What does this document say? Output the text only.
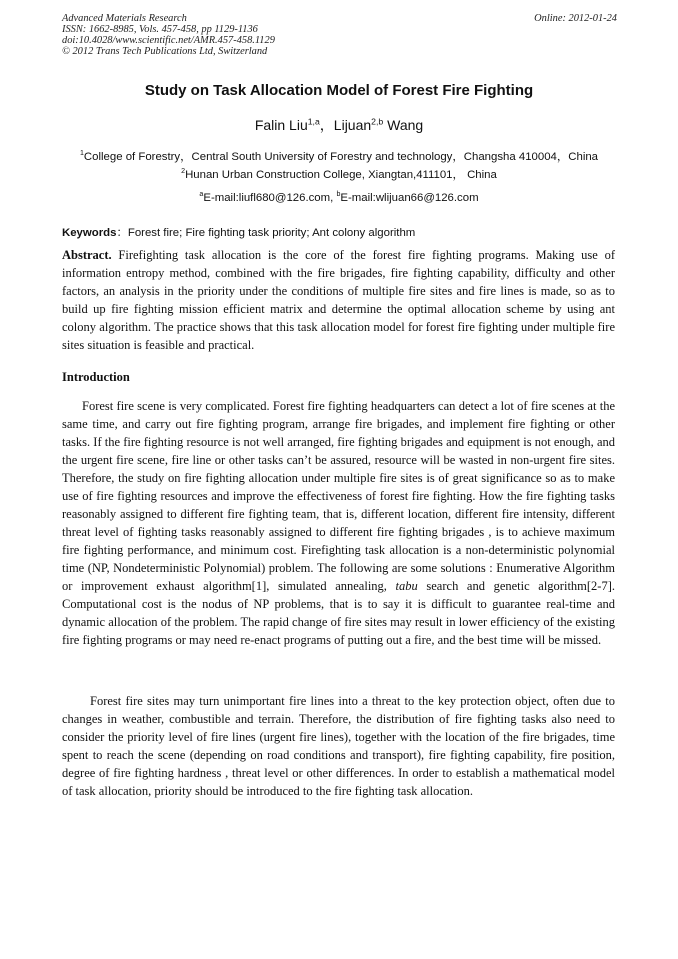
Advanced Materials Research
ISSN: 1662-8985, Vols. 457-458, pp 1129-1136
doi:10.4028/www.scientific.net/AMR.457-458.1129
© 2012 Trans Tech Publications Ltd, Switzerland
Online: 2012-01-24
Study on Task Allocation Model of Forest Fire Fighting
Falin Liu$^{1,a}$，Lijuan$^{2,b}$ Wang
$^1$College of Forestry，Central South University of Forestry and technology，Changsha 410004，China
$^2$Hunan Urban Construction College, Xiangtan,411101， China
$^a$E-mail:liufl680@126.com, $^b$E-mail:wlijuan66@126.com
Keywords：Forest fire; Fire fighting task priority; Ant colony algorithm
Abstract. Firefighting task allocation is the core of the forest fire fighting programs. Making use of information entropy method, combined with the fire brigades, fire fighting capability, difficulty and other factors, an analysis in the priority under the conditions of multiple fire sites and fire lines is made, so as to build up fire fighting mission efficient matrix and determine the optimal allocation scheme by using ant colony algorithm. The practice shows that this task allocation model for forest fire fighting under multiple fire sites situation is feasible and practical.
Introduction
Forest fire scene is very complicated. Forest fire fighting headquarters can detect a lot of fire scenes at the same time, and carry out fire fighting program, arrange fire brigades, and implement fire fighting or other tasks. If the fire fighting resource is not well arranged, fire fighting brigades and equipment is not enough, and the urgent fire scene, fire line or other tasks can’t be assured, resource will be wasted in non-urgent fire sites. Therefore, the study on fire fighting allocation under multiple fire sites is of great significance so as to make use of fire fighting resources and improve the effectiveness of forest fire fighting. How the fire fighting tasks reasonably assigned to different fire fighting team, that is, different location, different fire intensity, different threat level of fighting tasks reasonably assigned to different fire fighting brigades , is to achieve maximum fire fighting performance, and minimum cost. Firefighting task allocation is a non-deterministic polynomial time (NP, Nondeterministic Polynomial) problem. The following are some solutions : Enumerative Algorithm or improvement exhaust algorithm[1], simulated annealing, tabu search and genetic algorithm[2-7]. Computational cost is the nodus of NP problems, that is to say it is difficult to guarantee real-time and dynamic allocation of the problem. The rapid change of fire sites may result in lower efficiency of the existing fire fighting programs or may need re-enact programs of putting out a fire, and the best time will be missed.
Forest fire sites may turn unimportant fire lines into a threat to the key protection object, often due to changes in weather, combustible and terrain. Therefore, the distribution of fire fighting tasks also need to consider the priority level of fire lines (urgent fire lines), together with the location of the fire brigades, time spent to reach the scene (depending on road conditions and transport), fire fighting capability, fire position, degree of fire fighting hardness , threat level or other differences. In order to establish a mathematical model of task allocation, priority should be introduced to the fire fighting task allocation.
